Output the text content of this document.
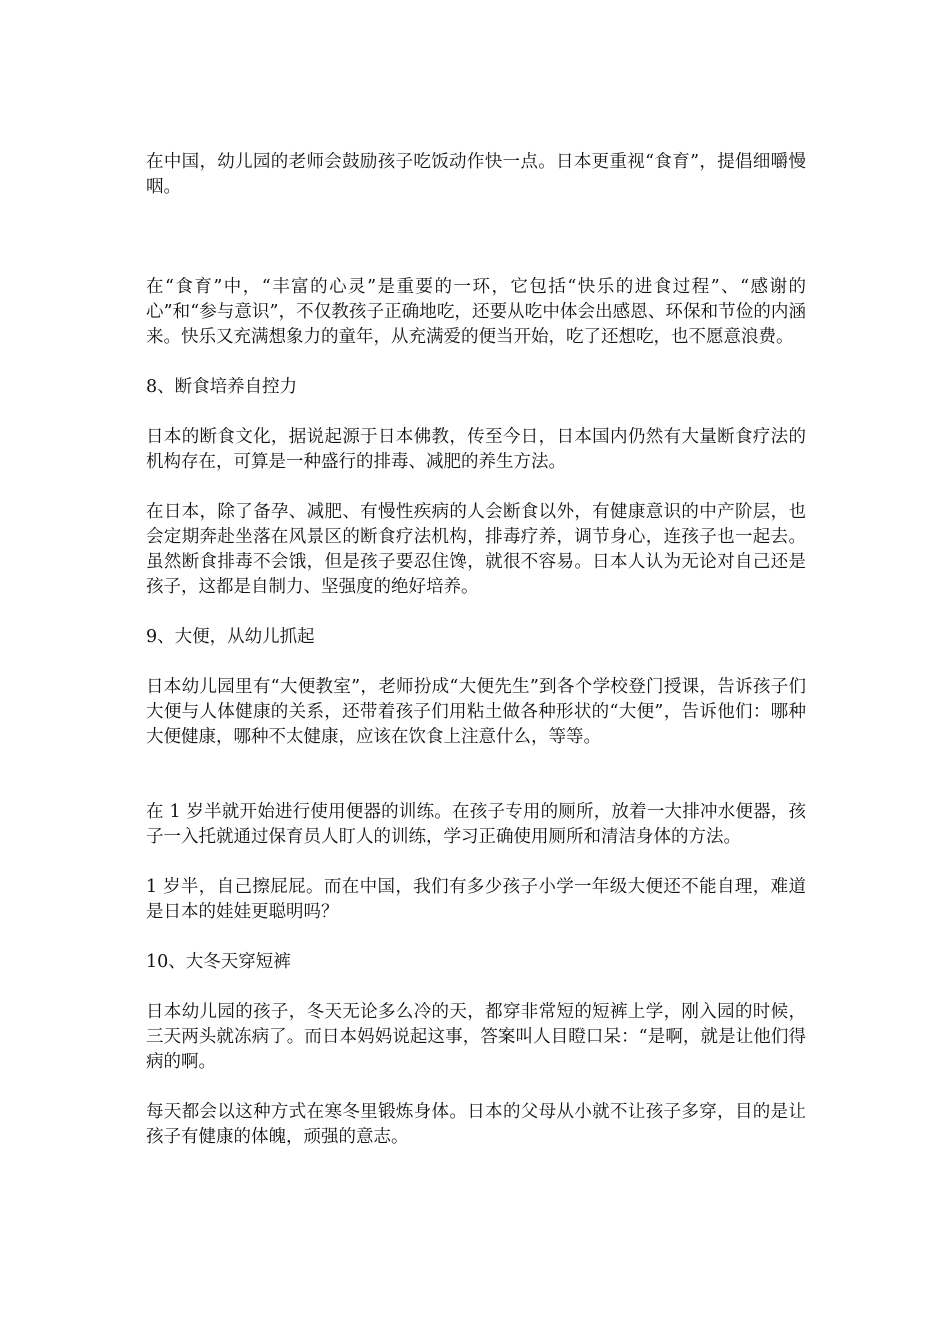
在中国，幼儿园的老师会鼓励孩子吃饭动作快一点。日本更重视“食育”，提倡细嚼慢咽。

在“食育”中，“丰富的心灵”是重要的一环，它包括“快乐的进食过程”、“感谢的心”和“参与意识”，不仅教孩子正确地吃，还要从吃中体会出感恩、环保和节俭的内涵来。快乐又充满想象力的童年，从充满爱的便当开始，吃了还想吃，也不愿意浪费。

8、断食培养自控力

日本的断食文化，据说起源于日本佛教，传至今日，日本国内仍然有大量断食疗法的机构存在，可算是一种盛行的排毒、减肥的养生方法。

在日本，除了备孕、减肥、有慢性疾病的人会断食以外，有健康意识的中产阶层，也会定期奔赴坐落在风景区的断食疗法机构，排毒疗养，调节身心，连孩子也一起去。虽然断食排毒不会饿，但是孩子要忍住馋，就很不容易。日本人认为无论对自己还是孩子，这都是自制力、坚强度的绝好培养。

9、大便，从幼儿抓起

日本幼儿园里有“大便教室”，老师扮成“大便先生”到各个学校登门授课，告诉孩子们大便与人体健康的关系，还带着孩子们用粘土做各种形状的“大便”，告诉他们：哪种大便健康，哪种不太健康，应该在饮食上注意什么，等等。

在 1 岁半就开始进行使用便器的训练。在孩子专用的厕所，放着一大排冲水便器，孩子一入托就通过保育员人盯人的训练，学习正确使用厕所和清洁身体的方法。

1 岁半，自己擦屁屁。而在中国，我们有多少孩子小学一年级大便还不能自理，难道是日本的娃娃更聪明吗？

10、大冬天穿短裤

日本幼儿园的孩子，冬天无论多么冷的天，都穿非常短的短裤上学，刚入园的时候，三天两头就冻病了。而日本妈妈说起这事，答案叫人目瞪口呆：“是啊，就是让他们得病的啊。

每天都会以这种方式在寒冬里锻炼身体。日本的父母从小就不让孩子多穿，目的是让孩子有健康的体魄，顽强的意志。
